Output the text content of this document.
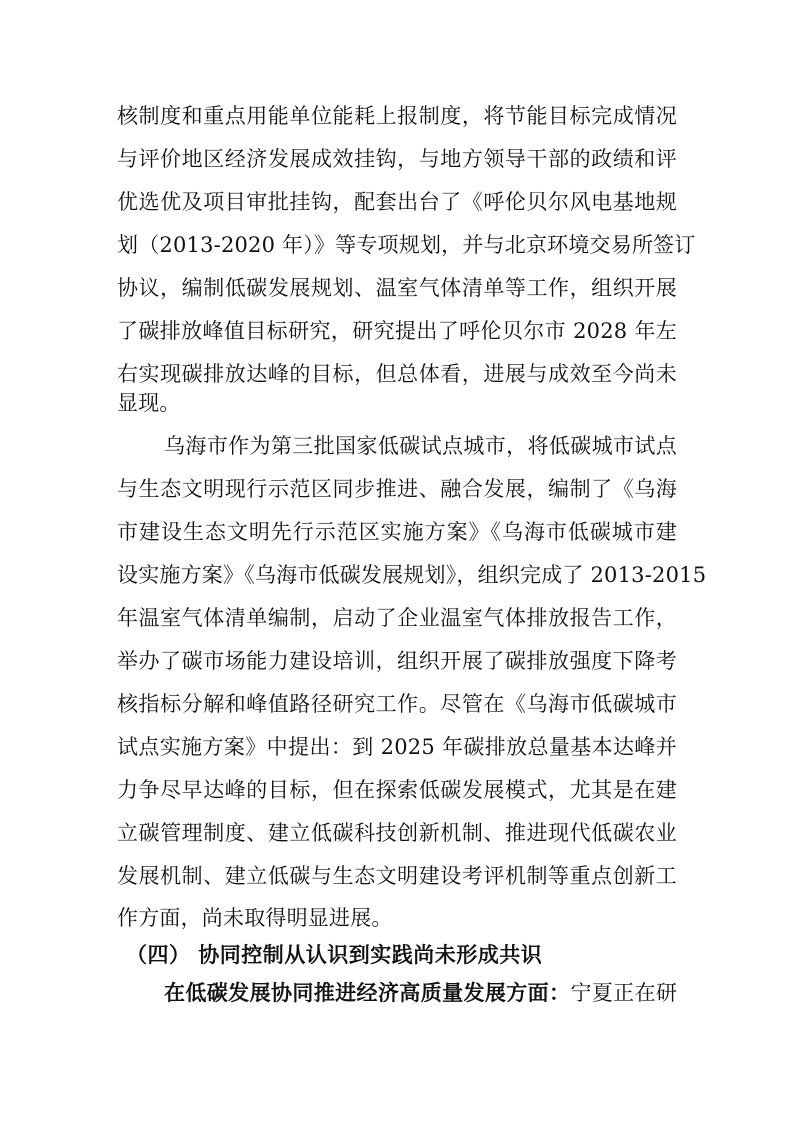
核制度和重点用能单位能耗上报制度，将节能目标完成情况
与评价地区经济发展成效挂钩，与地方领导干部的政绩和评
优选优及项目审批挂钩，配套出台了《呼伦贝尔风电基地规
划（2013-2020 年）》等专项规划，并与北京环境交易所签订
协议，编制低碳发展规划、温室气体清单等工作，组织开展
了碳排放峰值目标研究，研究提出了呼伦贝尔市 2028 年左
右实现碳排放达峰的目标，但总体看，进展与成效至今尚未
显现。
乌海市作为第三批国家低碳试点城市，将低碳城市试点
与生态文明现行示范区同步推进、融合发展，编制了《乌海
市建设生态文明先行示范区实施方案》《乌海市低碳城市建
设实施方案》《乌海市低碳发展规划》，组织完成了 2013-2015
年温室气体清单编制，启动了企业温室气体排放报告工作，
举办了碳市场能力建设培训，组织开展了碳排放强度下降考
核指标分解和峰值路径研究工作。尽管在《乌海市低碳城市
试点实施方案》中提出：到 2025 年碳排放总量基本达峰并
力争尽早达峰的目标，但在探索低碳发展模式，尤其是在建
立碳管理制度、建立低碳科技创新机制、推进现代低碳农业
发展机制、建立低碳与生态文明建设考评机制等重点创新工
作方面，尚未取得明显进展。
（四） 协同控制从认识到实践尚未形成共识
在低碳发展协同推进经济高质量发展方面：宁夏正在研
